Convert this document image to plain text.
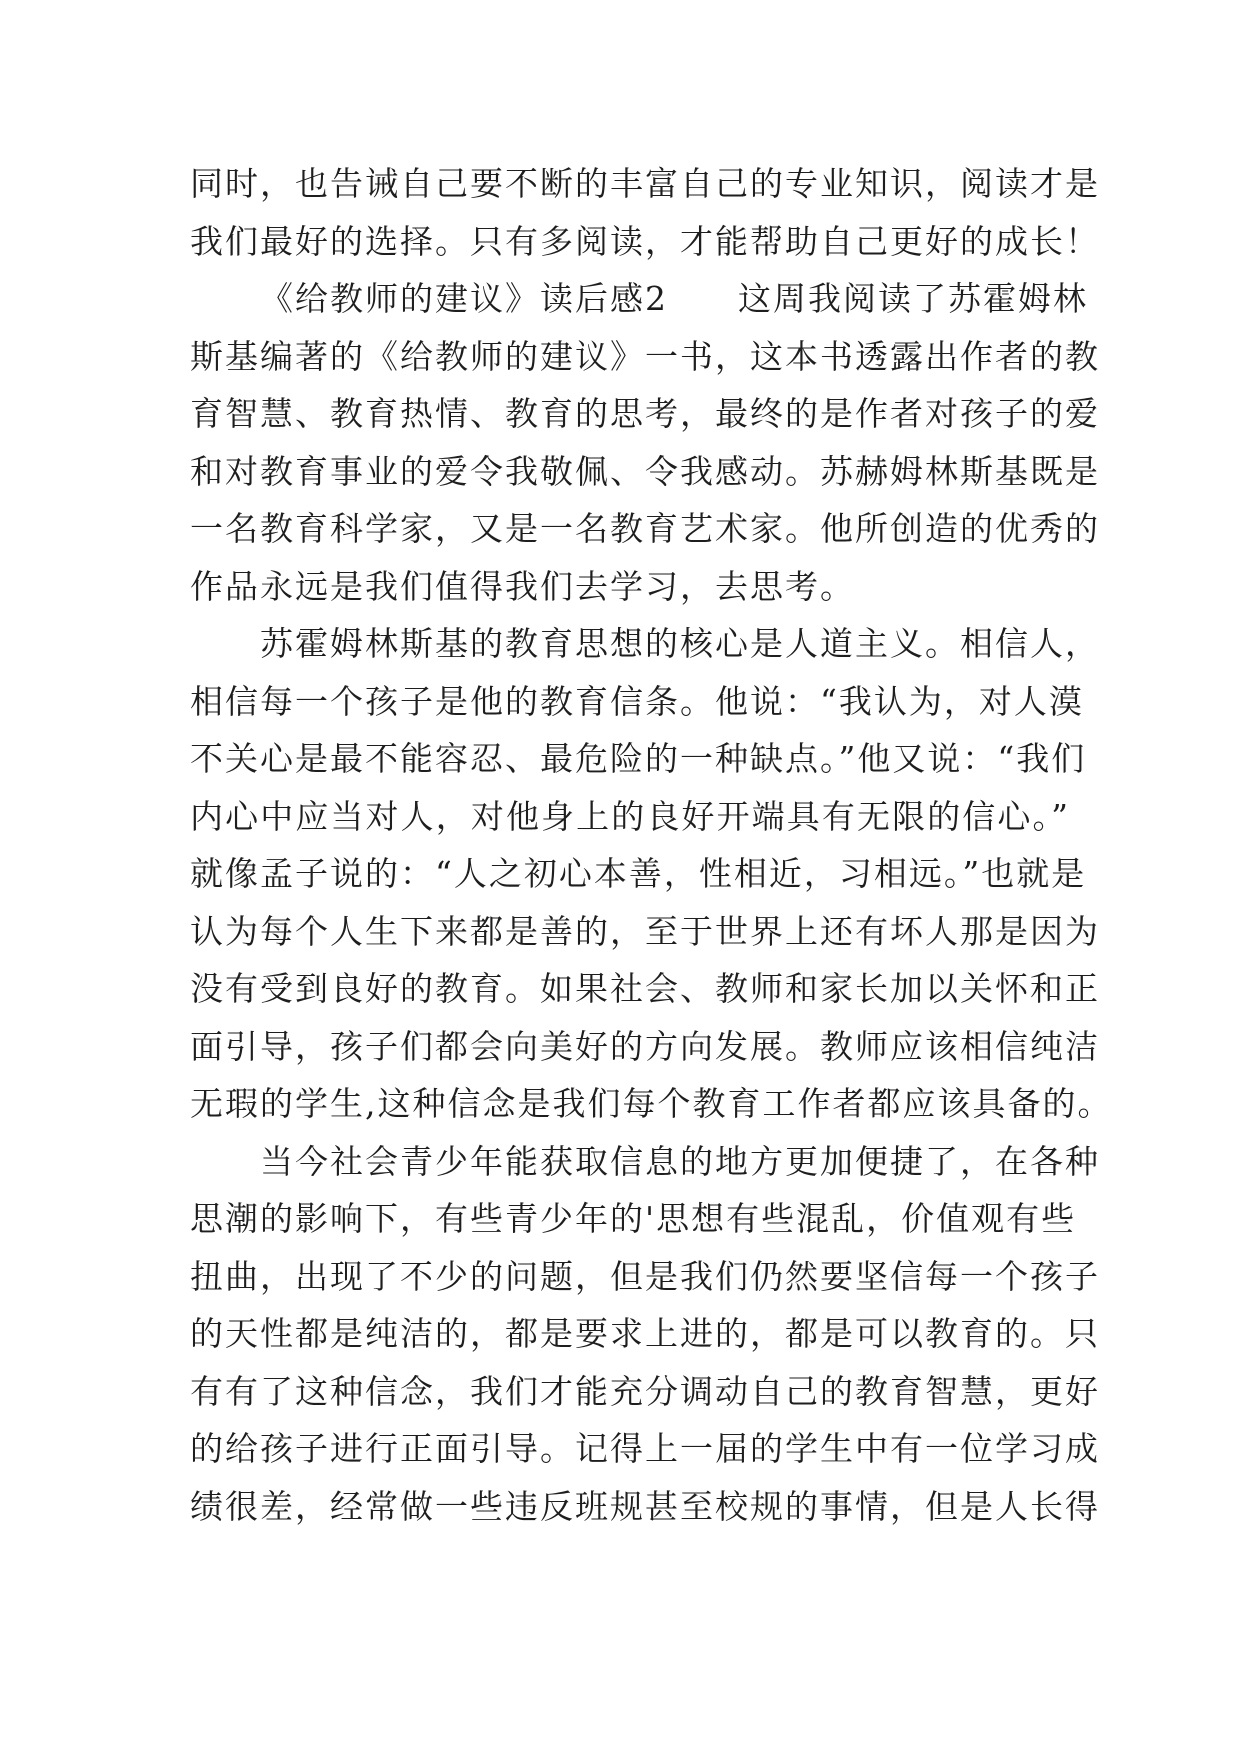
同时，也告诫自己要不断的丰富自己的专业知识，阅读才是
我们最好的选择。只有多阅读，才能帮助自己更好的成长！
《给教师的建议》读后感2　　这周我阅读了苏霍姆林
斯基编著的《给教师的建议》一书，这本书透露出作者的教
育智慧、教育热情、教育的思考，最终的是作者对孩子的爱
和对教育事业的爱令我敬佩、令我感动。苏赫姆林斯基既是
一名教育科学家，又是一名教育艺术家。他所创造的优秀的
作品永远是我们值得我们去学习，去思考。
苏霍姆林斯基的教育思想的核心是人道主义。相信人，
相信每一个孩子是他的教育信条。他说：“我认为，对人漠
不关心是最不能容忍、最危险的一种缺点。”他又说：“我们
内心中应当对人，对他身上的良好开端具有无限的信心。”
就像孟子说的：“人之初心本善，性相近，习相远。”也就是
认为每个人生下来都是善的，至于世界上还有坏人那是因为
没有受到良好的教育。如果社会、教师和家长加以关怀和正
面引导，孩子们都会向美好的方向发展。教师应该相信纯洁
无瑕的学生,这种信念是我们每个教育工作者都应该具备的。
当今社会青少年能获取信息的地方更加便捷了，在各种
思潮的影响下，有些青少年的'思想有些混乱，价值观有些
扭曲，出现了不少的问题，但是我们仍然要坚信每一个孩子
的天性都是纯洁的，都是要求上进的，都是可以教育的。只
有有了这种信念，我们才能充分调动自己的教育智慧，更好
的给孩子进行正面引导。记得上一届的学生中有一位学习成
绩很差，经常做一些违反班规甚至校规的事情，但是人长得
